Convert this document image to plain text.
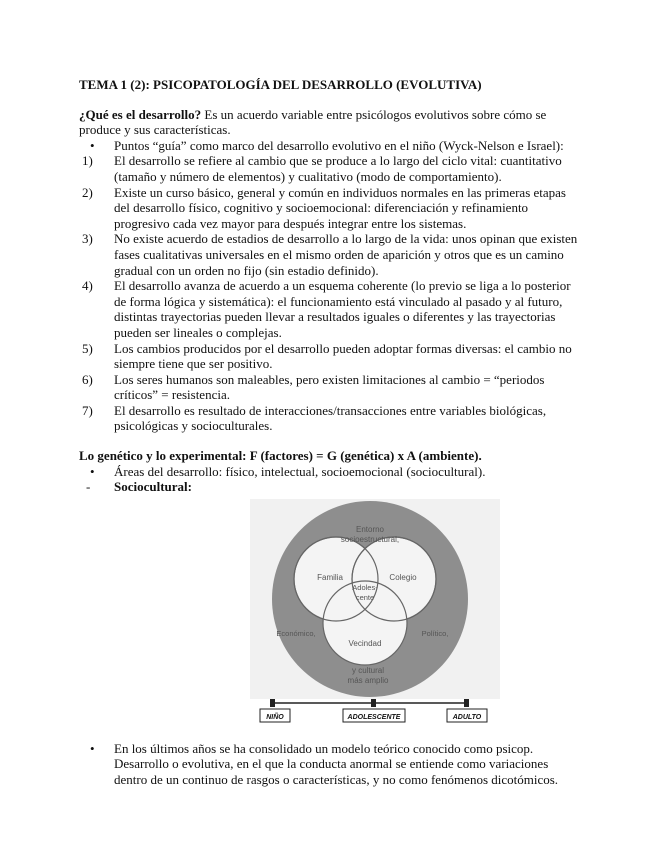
TEMA 1 (2): PSICOPATOLOGÍA DEL DESARROLLO (EVOLUTIVA)

¿Qué es el desarrollo? Es un acuerdo variable entre psicólogos evolutivos sobre cómo se produce y sus características.

• Puntos “guía” como marco del desarrollo evolutivo en el niño (Wyck-Nelson e Israel):
1) El desarrollo se refiere al cambio que se produce a lo largo del ciclo vital: cuantitativo (tamaño y número de elementos) y cualitativo (modo de comportamiento).
2) Existe un curso básico, general y común en individuos normales en las primeras etapas del desarrollo físico, cognitivo y socioemocional: diferenciación y refinamiento progresivo cada vez mayor para después integrar entre los sistemas.
3) No existe acuerdo de estadios de desarrollo a lo largo de la vida: unos opinan que existen fases cualitativas universales en el mismo orden de aparición y otros que es un camino gradual con un orden no fijo (sin estadio definido).
4) El desarrollo avanza de acuerdo a un esquema coherente (lo previo se liga a lo posterior de forma lógica y sistemática): el funcionamiento está vinculado al pasado y al futuro, distintas trayectorias pueden llevar a resultados iguales o diferentes y las trayectorias pueden ser lineales o complejas.
5) Los cambios producidos por el desarrollo pueden adoptar formas diversas: el cambio no siempre tiene que ser positivo.
6) Los seres humanos son maleables, pero existen limitaciones al cambio = “periodos críticos” = resistencia.
7) El desarrollo es resultado de interacciones/transacciones entre variables biológicas, psicológicas y socioculturales.

Lo genético y lo experimental: F (factores) = G (genética) x A (ambiente).

• Áreas del desarrollo: físico, intelectual, socioemocional (sociocultural).
- Sociocultural:
Entorno
socioestructural,
Familia	Colegio
Adoles-
cente
Vecindad
Económico,	Político,
y cultural
más amplio
NIÑO	ADOLESCENTE	ADULTO
• En los últimos años se ha consolidado un modelo teórico conocido como psicop. Desarrollo o evolutiva, en el que la conducta anormal se entiende como variaciones dentro de un continuo de rasgos o características, y no como fenómenos dicotómicos.
